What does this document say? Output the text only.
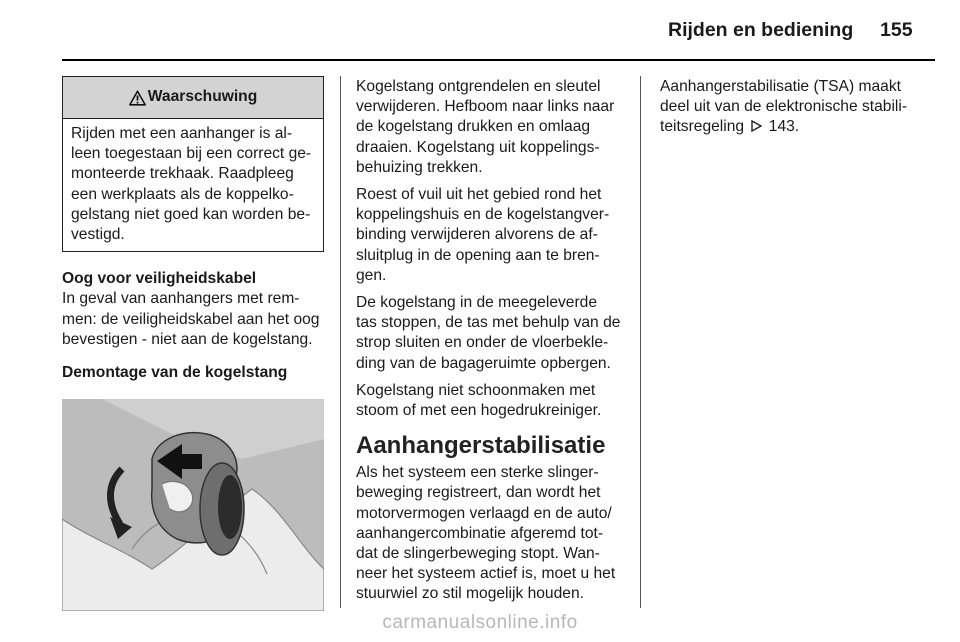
Rijden en bediening 155
Waarschuwing
Rijden met een aanhanger is al-
leen toegestaan bij een correct ge-
monteerde trekhaak. Raadpleeg
een werkplaats als de koppelko-
gelstang niet goed kan worden be-
vestigd.
Oog voor veiligheidskabel
In geval van aanhangers met rem-
men: de veiligheidskabel aan het oog
bevestigen - niet aan de kogelstang.
Demontage van de kogelstang
Kogelstang ontgrendelen en sleutel
verwijderen. Hefboom naar links naar
de kogelstang drukken en omlaag
draaien. Kogelstang uit koppelings-
behuizing trekken.
Roest of vuil uit het gebied rond het
koppelingshuis en de kogelstangver-
binding verwijderen alvorens de af-
sluitplug in de opening aan te bren-
gen.
De kogelstang in de meegeleverde
tas stoppen, de tas met behulp van de
strop sluiten en onder de vloerbekle-
ding van de bagageruimte opbergen.
Kogelstang niet schoonmaken met
stoom of met een hogedrukreiniger.
Aanhangerstabilisatie
Als het systeem een sterke slinger-
beweging registreert, dan wordt het
motorvermogen verlaagd en de auto/
aanhangercombinatie afgeremd tot-
dat de slingerbeweging stopt. Wan-
neer het systeem actief is, moet u het
stuurwiel zo stil mogelijk houden.
Aanhangerstabilisatie (TSA) maakt
deel uit van de elektronische stabili-
teitsregeling 143.
carmanualsonline.info
